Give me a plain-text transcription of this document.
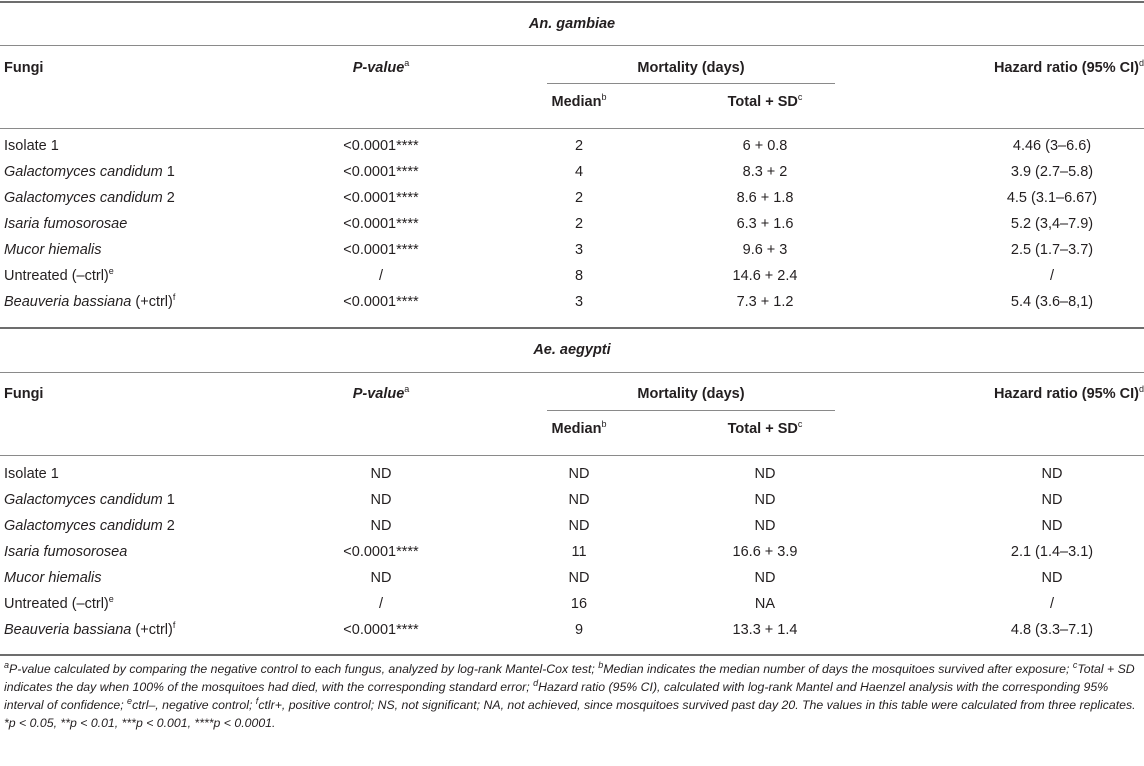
An. gambiae
Fungi	P-value$^a$	Mortality (days)	Hazard ratio (95% CI)$^d$
Median$^b$	Total + $SD^c$
Isolate 1	<0.0001****	2	6 + 0.8	4.46 (3–6.6)
Galactomyces candidum 1	<0.0001****	4	8.3 + 2	3.9 (2.7–5.8)
Galactomyces candidum 2	<0.0001****	2	8.6 + 1.8	4.5 (3.1–6.67)
Isaria fumosorosae	<0.0001****	2	6.3 + 1.6	5.2 (3,4–7.9)
Mucor hiemalis	<0.0001****	3	9.6 + 3	2.5 (1.7–3.7)
Untreated (–ctrl)$^e$	/	8	14.6 + 2.4	/
Beauveria bassiana (+ctrl)$^f$	<0.0001****	3	7.3 + 1.2	5.4 (3.6–8,1)
Ae. aegypti
Fungi	P-value$^a$	Mortality (days)	Hazard ratio (95% CI)$^d$
Median$^b$	Total + $SD^c$
Isolate 1	ND	ND	ND	ND
Galactomyces candidum 1	ND	ND	ND	ND
Galactomyces candidum 2	ND	ND	ND	ND
Isaria fumosorosea	<0.0001****	11	16.6 + 3.9	2.1 (1.4–3.1)
Mucor hiemalis	ND	ND	ND	ND
Untreated (–ctrl)$^e$	/	16	NA	/
Beauveria bassiana (+ctrl)$^f$	<0.0001****	9	13.3 + 1.4	4.8 (3.3–7.1)

$^a$P-value calculated by comparing the negative control to each fungus, analyzed by log-rank Mantel-Cox test; $^b$Median indicates the median number of days the mosquitoes survived after exposure; $^c$Total + SD indicates the day when 100% of the mosquitoes had died, with the corresponding standard error; $^d$Hazard ratio (95% CI), calculated with log-rank Mantel and Haenzel analysis with the corresponding 95% interval of confidence; $^e$ctrl–, negative control; $^f$ctlr+, positive control; NS, not significant; NA, not achieved, since mosquitoes survived past day 20. The values in this table were calculated from three replicates.

*p < 0.05, **p < 0.01, ***p < 0.001, ****p < 0.0001.
